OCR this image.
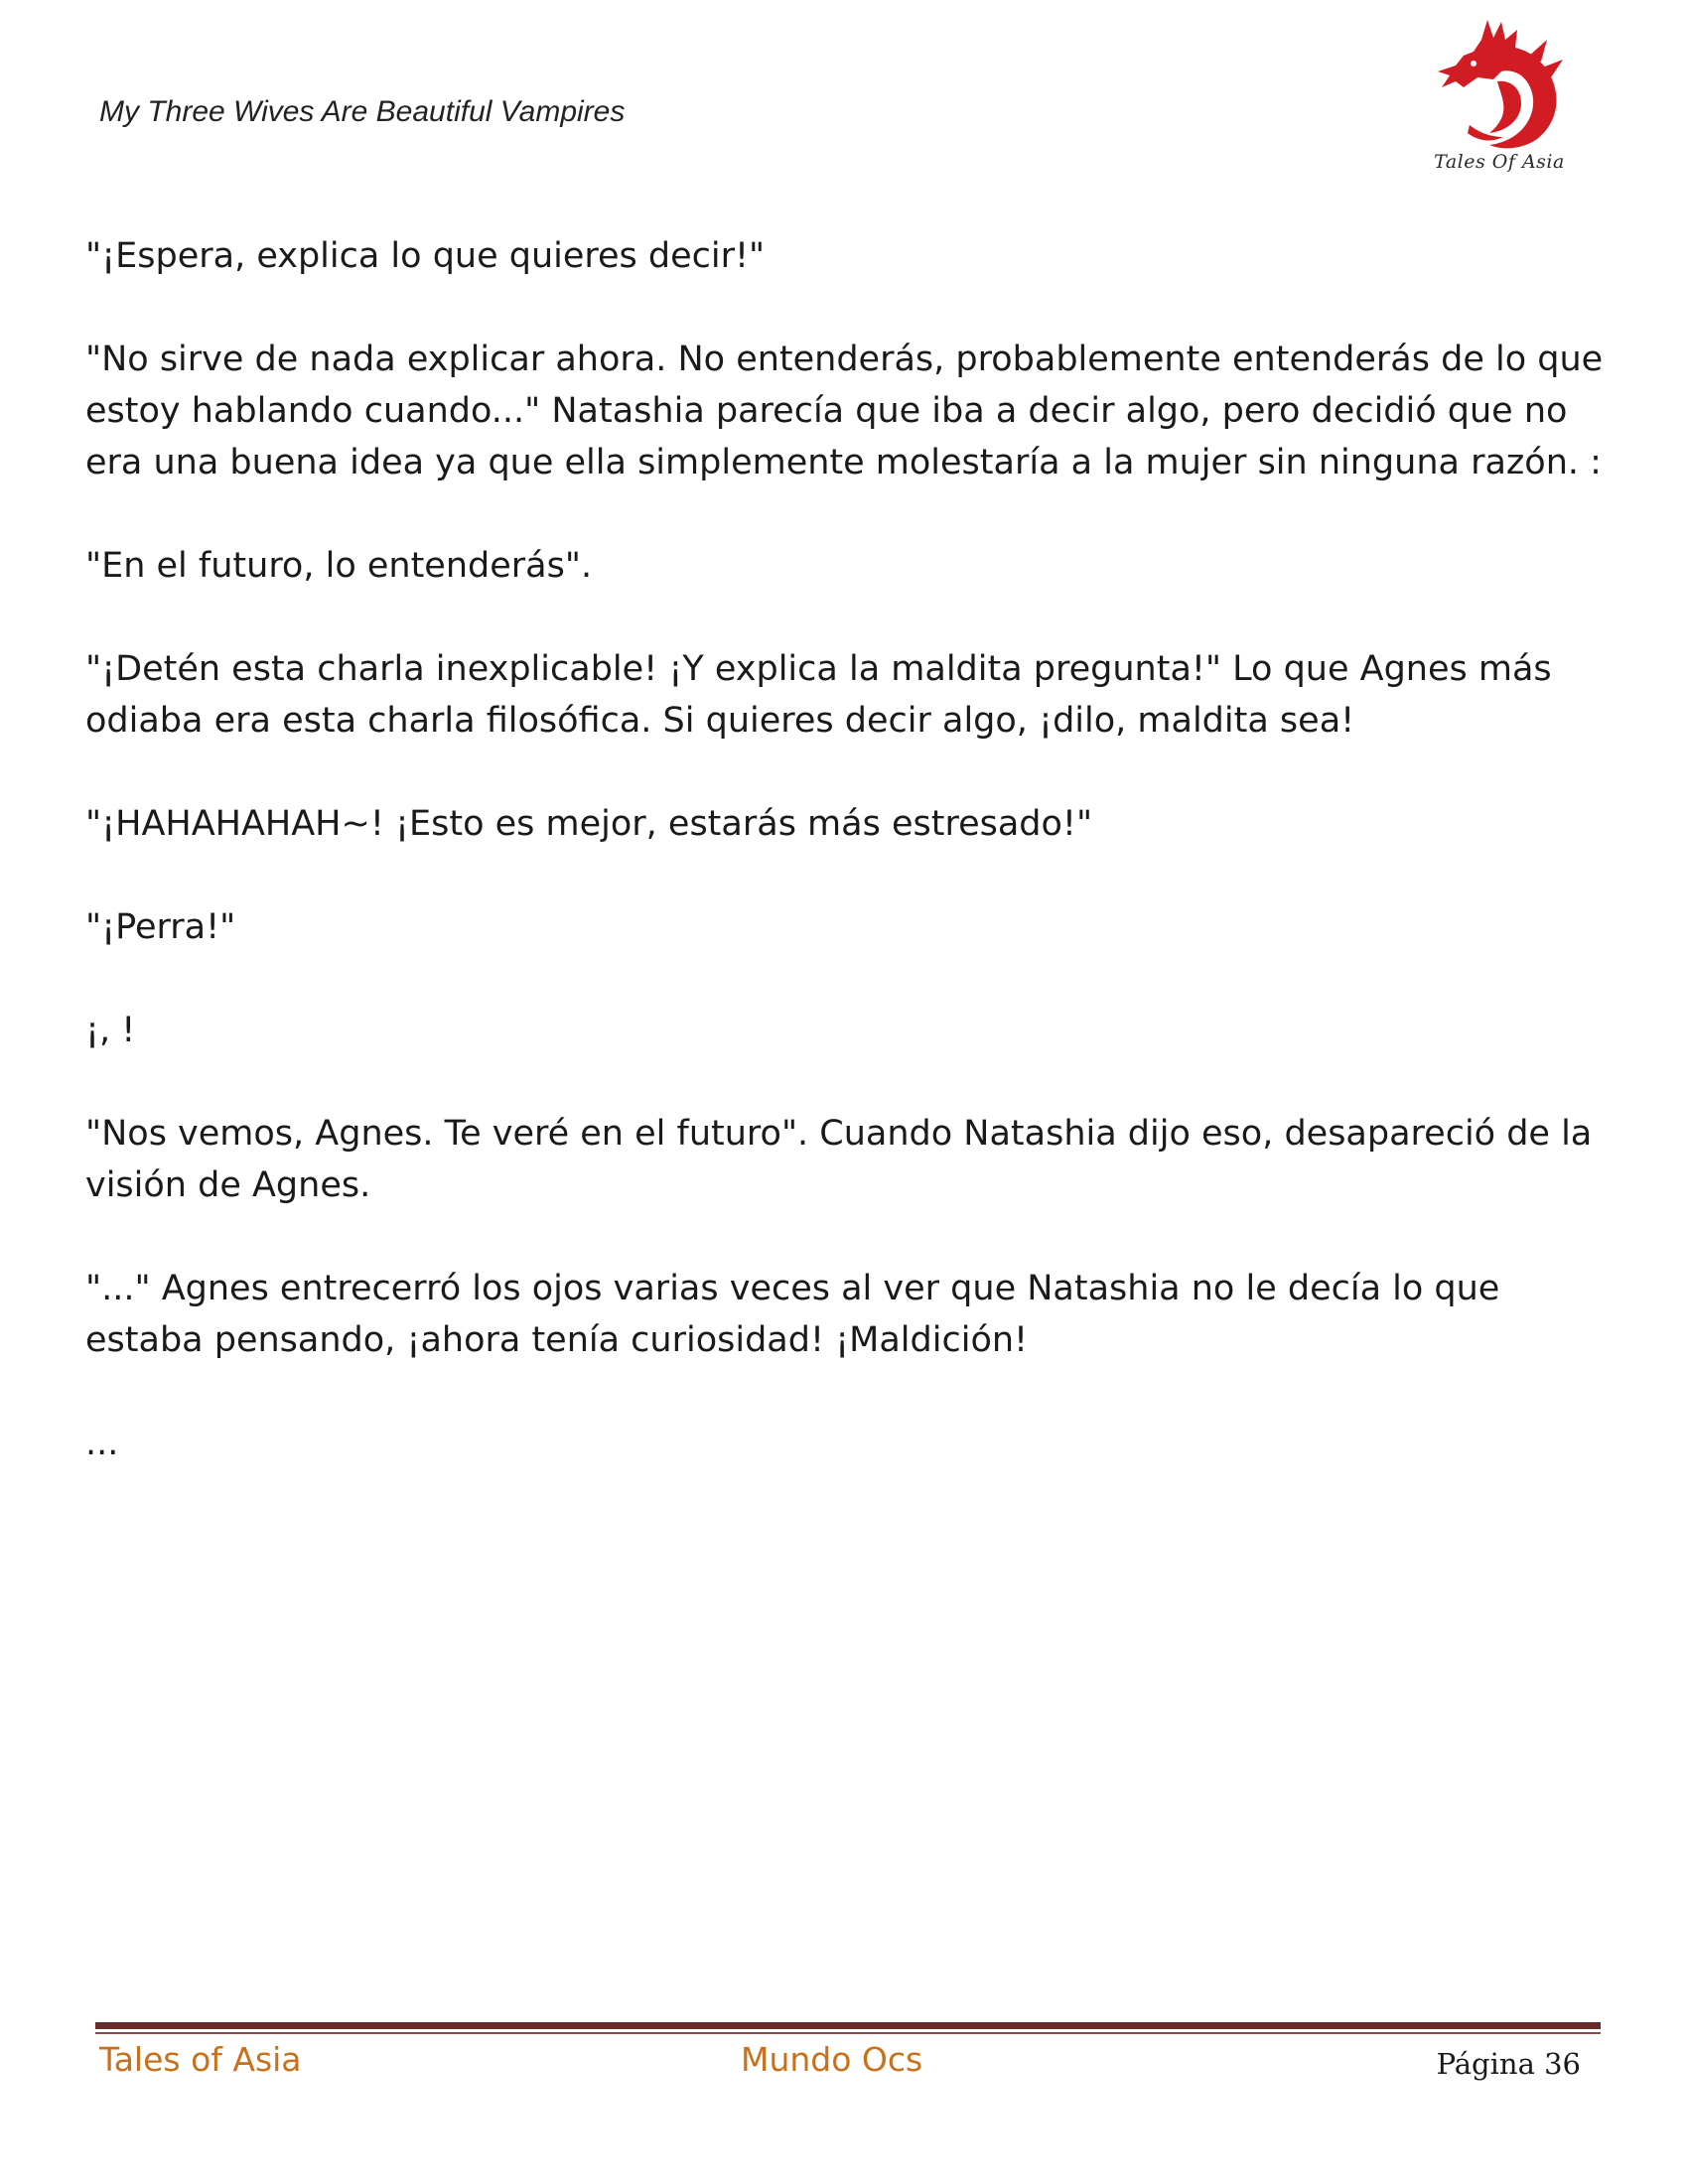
My Three Wives Are Beautiful Vampires
Tales Of Asia

"¡Espera, explica lo que quieres decir!"

"No sirve de nada explicar ahora. No entenderás, probablemente entenderás de lo que estoy hablando cuando..." Natashia parecía que iba a decir algo, pero decidió que no era una buena idea ya que ella simplemente molestaría a la mujer sin ninguna razón. :

"En el futuro, lo entenderás".

"¡Detén esta charla inexplicable! ¡Y explica la maldita pregunta!" Lo que Agnes más odiaba era esta charla filosófica. Si quieres decir algo, ¡dilo, maldita sea!

"¡HAHAHAHAH~! ¡Esto es mejor, estarás más estresado!"

"¡Perra!"

¡, !

"Nos vemos, Agnes. Te veré en el futuro". Cuando Natashia dijo eso, desapareció de la visión de Agnes.

"..." Agnes entrecerró los ojos varias veces al ver que Natashia no le decía lo que estaba pensando, ¡ahora tenía curiosidad! ¡Maldición!

...

Tales of Asia	Mundo Ocs	Página 36
